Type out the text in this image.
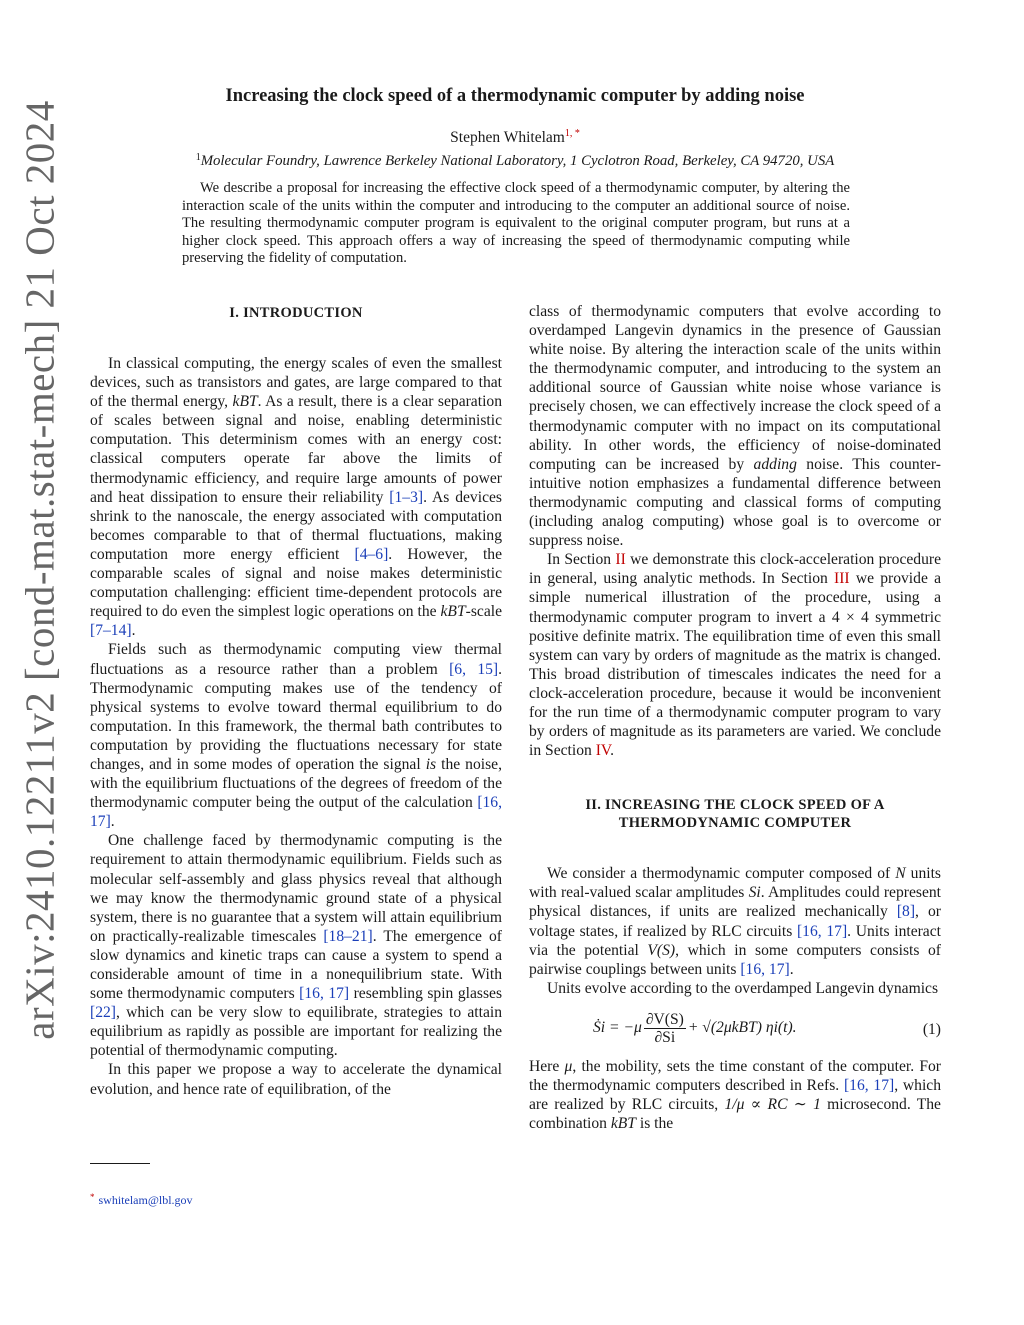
arXiv:2410.12211v2 [cond-mat.stat-mech] 21 Oct 2024
Increasing the clock speed of a thermodynamic computer by adding noise
Stephen Whitelam$^{1, *}$
$^1$Molecular Foundry, Lawrence Berkeley National Laboratory, 1 Cyclotron Road, Berkeley, CA 94720, USA

We describe a proposal for increasing the effective clock speed of a thermodynamic computer, by altering the interaction scale of the units within the computer and introducing to the computer an additional source of noise. The resulting thermodynamic computer program is equivalent to the original computer program, but runs at a higher clock speed. This approach offers a way of increasing the speed of thermodynamic computing while preserving the fidelity of computation.

I. INTRODUCTION

In classical computing, the energy scales of even the smallest devices, such as transistors and gates, are large compared to that of the thermal energy, kBT. As a result, there is a clear separation of scales between signal and noise, enabling deterministic computation. This determinism comes with an energy cost: classical computers operate far above the limits of thermodynamic efficiency, and require large amounts of power and heat dissipation to ensure their reliability [1–3]. As devices shrink to the nanoscale, the energy associated with computation becomes comparable to that of thermal fluctuations, making computation more energy efficient [4–6]. However, the comparable scales of signal and noise makes deterministic computation challenging: efficient time-dependent protocols are required to do even the simplest logic operations on the kBT-scale [7–14].

Fields such as thermodynamic computing view thermal fluctuations as a resource rather than a problem [6, 15]. Thermodynamic computing makes use of the tendency of physical systems to evolve toward thermal equilibrium to do computation. In this framework, the thermal bath contributes to computation by providing the fluctuations necessary for state changes, and in some modes of operation the signal is the noise, with the equilibrium fluctuations of the degrees of freedom of the thermodynamic computer being the output of the calculation [16, 17].

One challenge faced by thermodynamic computing is the requirement to attain thermodynamic equilibrium. Fields such as molecular self-assembly and glass physics reveal that although we may know the thermodynamic ground state of a physical system, there is no guarantee that a system will attain equilibrium on practically-realizable timescales [18–21]. The emergence of slow dynamics and kinetic traps can cause a system to spend a considerable amount of time in a nonequilibrium state. With some thermodynamic computers [16, 17] resembling spin glasses [22], which can be very slow to equilibrate, strategies to attain equilibrium as rapidly as possible are important for realizing the potential of thermodynamic computing.

In this paper we propose a way to accelerate the dynamical evolution, and hence rate of equilibration, of the

class of thermodynamic computers that evolve according to overdamped Langevin dynamics in the presence of Gaussian white noise. By altering the interaction scale of the units within the thermodynamic computer, and introducing to the system an additional source of Gaussian white noise whose variance is precisely chosen, we can effectively increase the clock speed of a thermodynamic computer with no impact on its computational ability. In other words, the efficiency of noise-dominated computing can be increased by adding noise. This counter-intuitive notion emphasizes a fundamental difference between thermodynamic computing and classical forms of computing (including analog computing) whose goal is to overcome or suppress noise.

In Section II we demonstrate this clock-acceleration procedure in general, using analytic methods. In Section III we provide a simple numerical illustration of the procedure, using a thermodynamic computer program to invert a 4 × 4 symmetric positive definite matrix. The equilibration time of even this small system can vary by orders of magnitude as the matrix is changed. This broad distribution of timescales indicates the need for a clock-acceleration procedure, because it would be inconvenient for the run time of a thermodynamic computer program to vary by orders of magnitude as its parameters are varied. We conclude in Section IV.

II. INCREASING THE CLOCK SPEED OF A
THERMODYNAMIC COMPUTER

We consider a thermodynamic computer composed of N units with real-valued scalar amplitudes Si. Amplitudes could represent physical distances, if units are realized mechanically [8], or voltage states, if realized by RLC circuits [16, 17]. Units interact via the potential V(S), which in some computers consists of pairwise couplings between units [16, 17].

Units evolve according to the overdamped Langevin dynamics

Ṡi = $-\mu \frac{\partial V(S)}{\partial Si} + √(2\mu kBT)$ ηi(t).	(1)

Here μ, the mobility, sets the time constant of the computer. For the thermodynamic computers described in Refs. [16, 17], which are realized by RLC circuits, 1/μ ∝ RC ∼ 1 microsecond. The combination kBT is the

* swhitelam@lbl.gov
